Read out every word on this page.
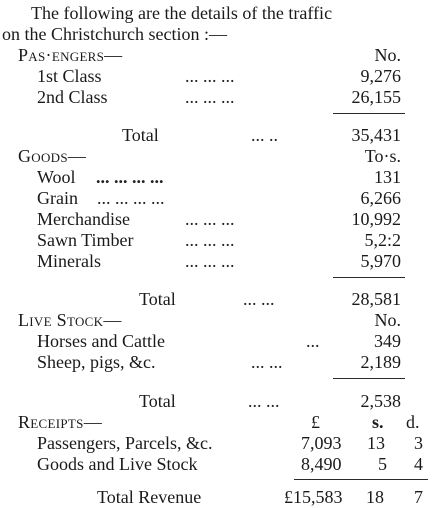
The following are the details of the traffic
on the Christchurch section :—
Pas·engers—	No.
1st Class	... ... ...	9,276
2nd Class	... ... ...	26,155
Total	... ..	35,431
Goods—	To·s.
Wool ... ... ... ...	131
Grain ... ... ... ...	6,266
Merchandise	... ... ...	10,992
Sawn Timber	... ... ...	5,2:2
Minerals	... ... ...	5,970
Total	... ...	28,581
Live Stock—	No.
Horses and Cattle	...	349
Sheep, pigs, &c.	... ...	2,189
Total	... ...	2,538
Receipts—	£	s. d.
Passengers, Parcels, &c.	7,093 13 3
Goods and Live Stock	8,490 5 4
Total Revenue	£15,583 18 7
